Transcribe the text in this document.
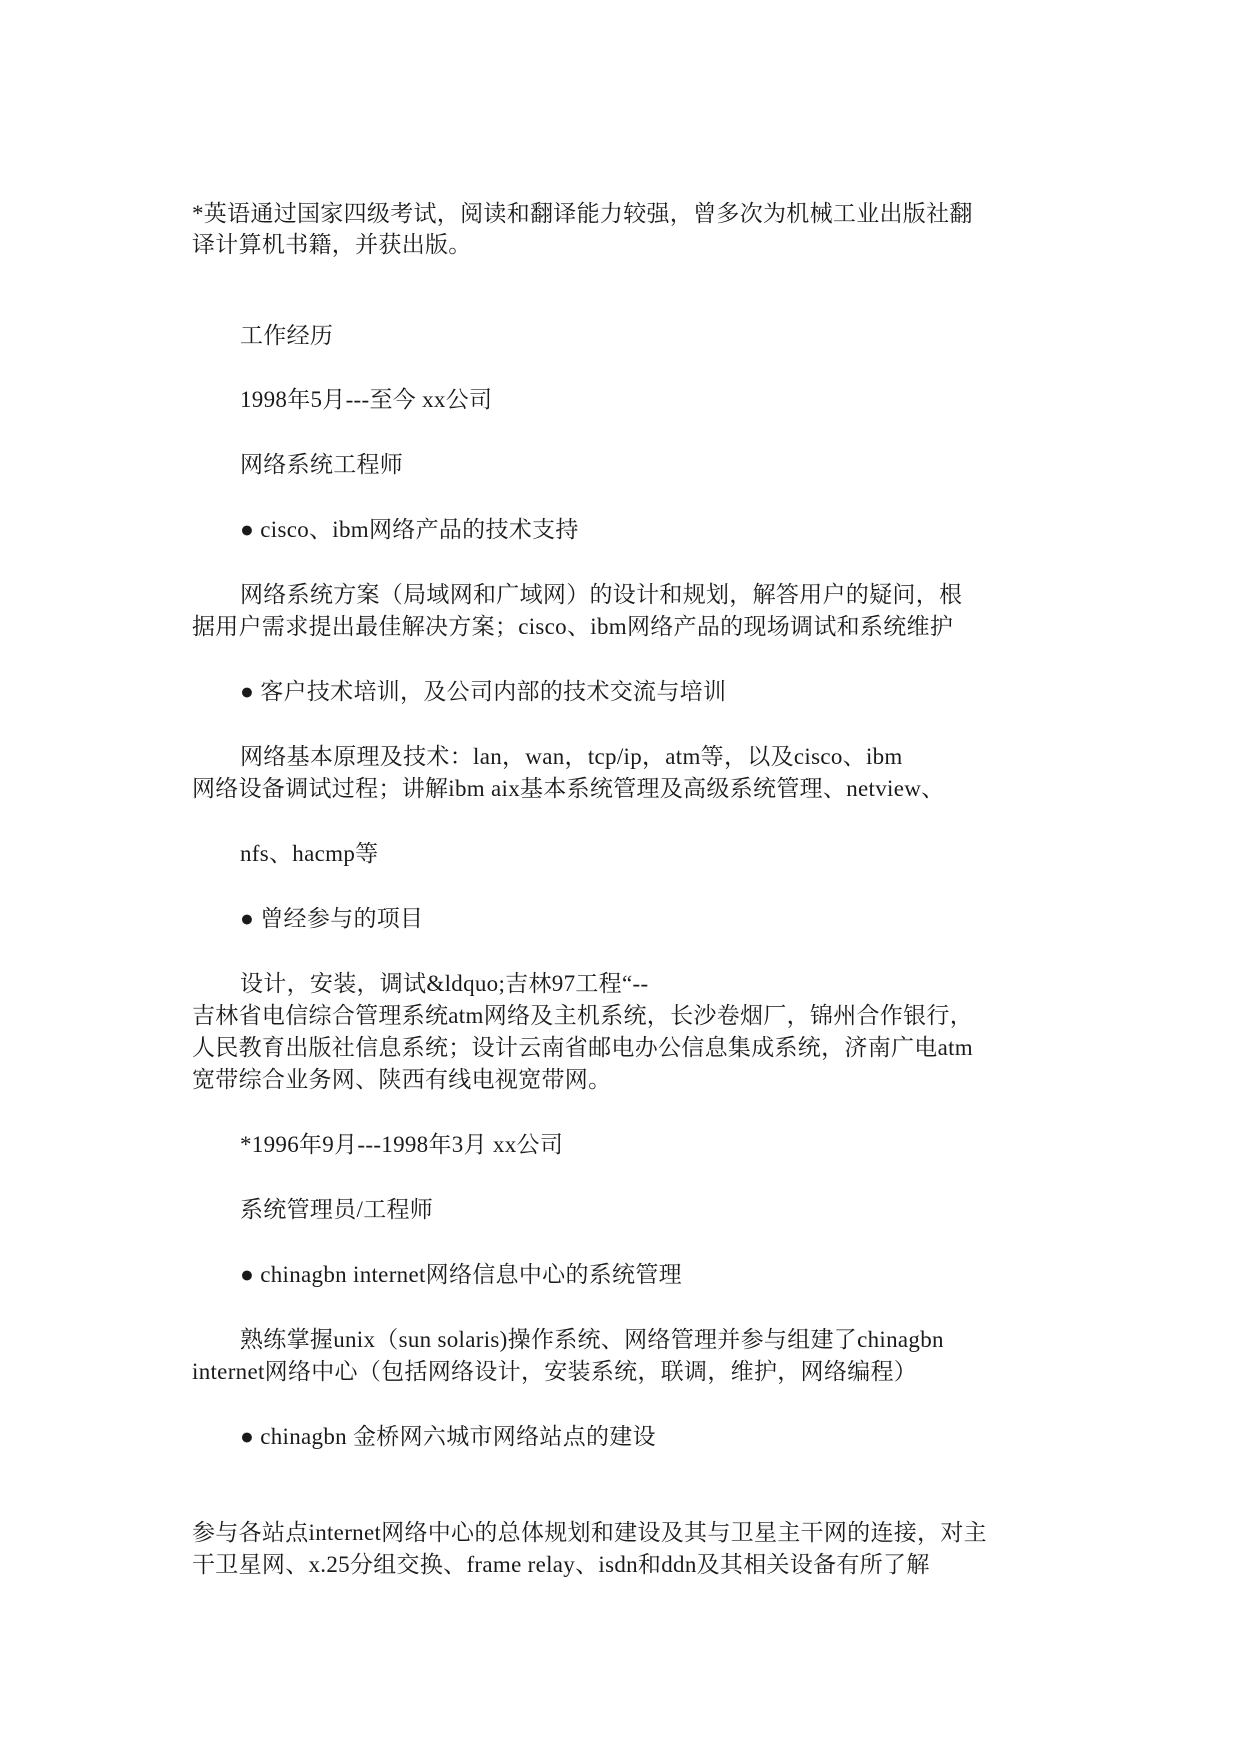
*英语通过国家四级考试，阅读和翻译能力较强，曾多次为机械工业出版社翻
译计算机书籍，并获出版。
工作经历
1998年5月---至今 xx公司
网络系统工程师
● cisco、ibm网络产品的技术支持
网络系统方案（局域网和广域网）的设计和规划，解答用户的疑问，根
据用户需求提出最佳解决方案；cisco、ibm网络产品的现场调试和系统维护
● 客户技术培训，及公司内部的技术交流与培训
网络基本原理及技术：lan，wan，tcp/ip，atm等，以及cisco、ibm
网络设备调试过程；讲解ibm aix基本系统管理及高级系统管理、netview、
nfs、hacmp等
● 曾经参与的项目
设计，安装，调试&ldquo;吉林97工程“--
吉林省电信综合管理系统atm网络及主机系统，长沙卷烟厂，锦州合作银行，
人民教育出版社信息系统；设计云南省邮电办公信息集成系统，济南广电atm
宽带综合业务网、陕西有线电视宽带网。
*1996年9月---1998年3月 xx公司
系统管理员/工程师
● chinagbn internet网络信息中心的系统管理
熟练掌握unix（sun solaris)操作系统、网络管理并参与组建了chinagbn
internet网络中心（包括网络设计，安装系统，联调，维护，网络编程）
● chinagbn 金桥网六城市网络站点的建设
参与各站点internet网络中心的总体规划和建设及其与卫星主干网的连接，对主
干卫星网、x.25分组交换、frame relay、isdn和ddn及其相关设备有所了解
